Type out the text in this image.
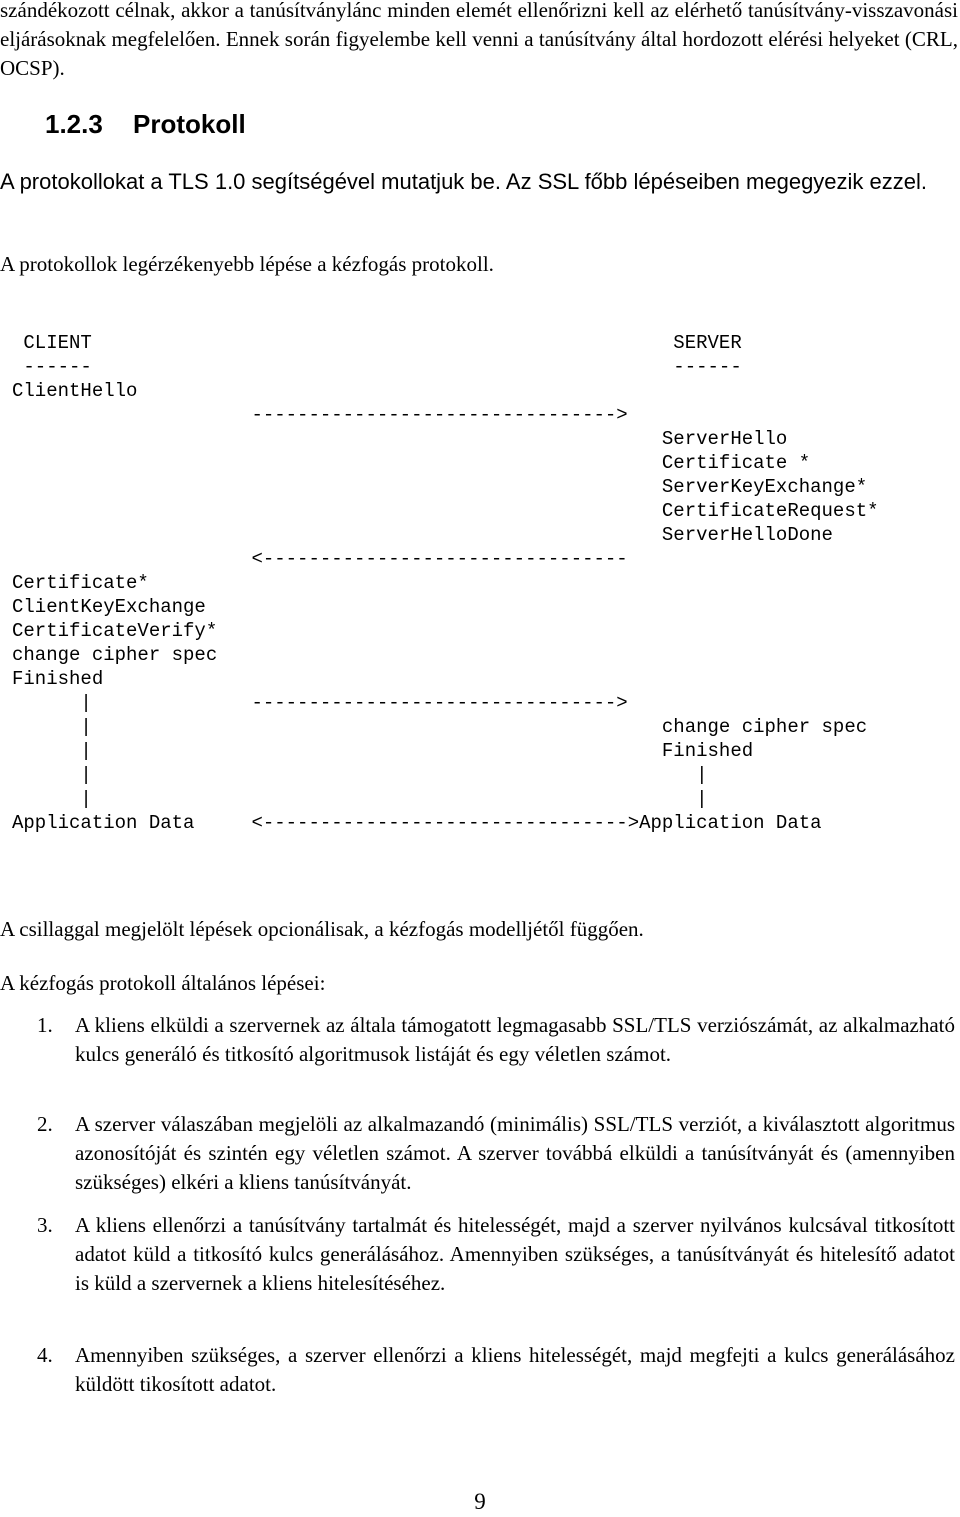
szándékozott célnak, akkor a tanúsítványlánc minden elemét ellenőrizni kell az elérhető tanúsítvány-visszavonási eljárásoknak megfelelően. Ennek során figyelembe kell venni a tanúsítvány által hordozott elérési helyeket (CRL, OCSP).
1.2.3 Protokoll
A protokollokat a TLS 1.0 segítségével mutatjuk be. Az SSL főbb lépéseiben megegyezik ezzel.
A protokollok legérzékenyebb lépése a kézfogás protokoll.
CLIENT                                                   SERVER
------                                                   ------
ClientHello
-------------------------------->
ServerHello
Certificate *
ServerKeyExchange*
CertificateRequest*
ServerHelloDone
<--------------------------------
Certificate*
ClientKeyExchange
CertificateVerify*
change cipher spec
Finished
|              -------------------------------->
|                                                  change cipher spec
|                                                  Finished
|                                                     |
|                                                     |
Application Data     <-------------------------------->Application Data
A csillaggal megjelölt lépések opcionálisak, a kézfogás modelljétől függően.
A kézfogás protokoll általános lépései:
1. A kliens elküldi a szervernek az általa támogatott legmagasabb SSL/TLS verziószámát, az alkalmazható kulcs generáló és titkosító algoritmusok listáját és egy véletlen számot.
2. A szerver válaszában megjelöli az alkalmazandó (minimális) SSL/TLS verziót, a kiválasztott algoritmus azonosítóját és szintén egy véletlen számot. A szerver továbbá elküldi a tanúsítványát és (amennyiben szükséges) elkéri a kliens tanúsítványát.
3. A kliens ellenőrzi a tanúsítvány tartalmát és hitelességét, majd a szerver nyilvános kulcsával titkosított adatot küld a titkosító kulcs generálásához. Amennyiben szükséges, a tanúsítványát és hitelesítő adatot is küld a szervernek a kliens hitelesítéséhez.
4. Amennyiben szükséges, a szerver ellenőrzi a kliens hitelességét, majd megfejti a kulcs generálásához küldött tikosított adatot.
9
